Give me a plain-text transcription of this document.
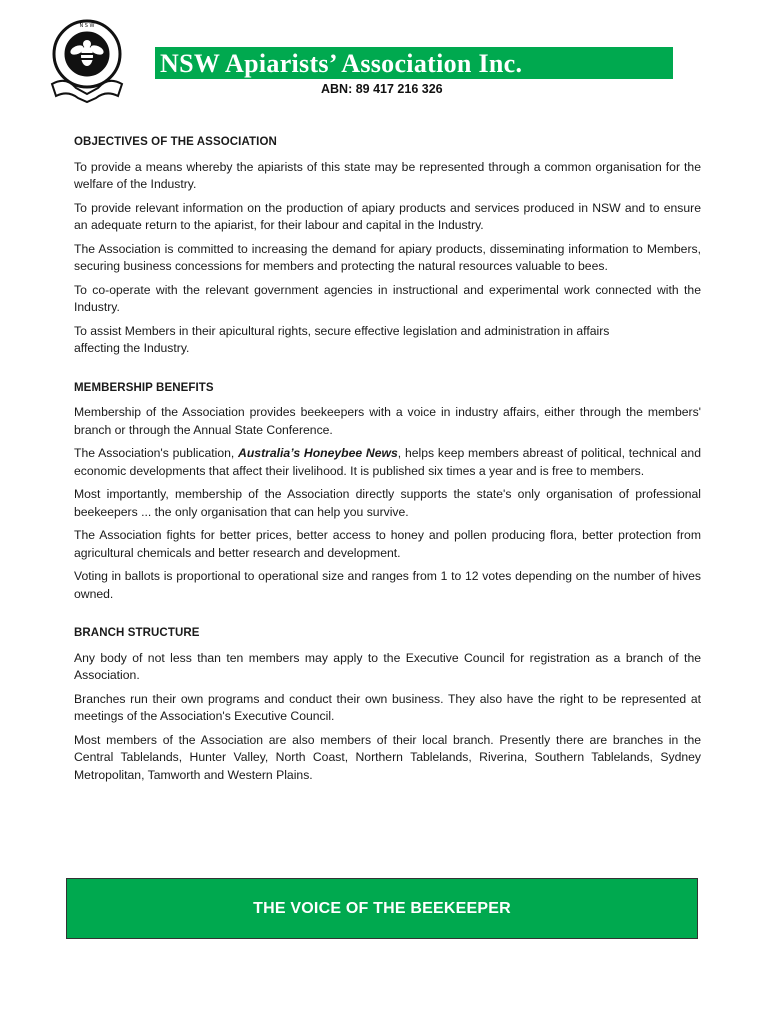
N S W
NSW Apiarists’ Association Inc.
ABN: 89 417 216 326
OBJECTIVES OF THE ASSOCIATION

To provide a means whereby the apiarists of this state may be represented through a common organisation for the welfare of the Industry.

To provide relevant information on the production of apiary products and services produced in NSW and to ensure an adequate return to the apiarist, for their labour and capital in the Industry.

The Association is committed to increasing the demand for apiary products, disseminating information to Members, securing business concessions for members and protecting the natural resources valuable to bees.

To co-operate with the relevant government agencies in instructional and experimental work connected with the Industry.

To assist Members in their apicultural rights, secure effective legislation and administration in affairs affecting the Industry.

MEMBERSHIP BENEFITS

Membership of the Association provides beekeepers with a voice in industry affairs, either through the members' branch or through the Annual State Conference.

The Association's publication, Australia’s Honeybee News, helps keep members abreast of political, technical and economic developments that affect their livelihood. It is published six times a year and is free to members.

Most importantly, membership of the Association directly supports the state's only organisation of professional beekeepers ... the only organisation that can help you survive.

The Association fights for better prices, better access to honey and pollen producing flora, better protection from agricultural chemicals and better research and development.

Voting in ballots is proportional to operational size and ranges from 1 to 12 votes depending on the number of hives owned.

BRANCH STRUCTURE

Any body of not less than ten members may apply to the Executive Council for registration as a branch of the Association.

Branches run their own programs and conduct their own business. They also have the right to be represented at meetings of the Association's Executive Council.

Most members of the Association are also members of their local branch. Presently there are branches in the Central Tablelands, Hunter Valley, North Coast, Northern Tablelands, Riverina, Southern Tablelands, Sydney Metropolitan, Tamworth and Western Plains.

THE VOICE OF THE BEEKEEPER
